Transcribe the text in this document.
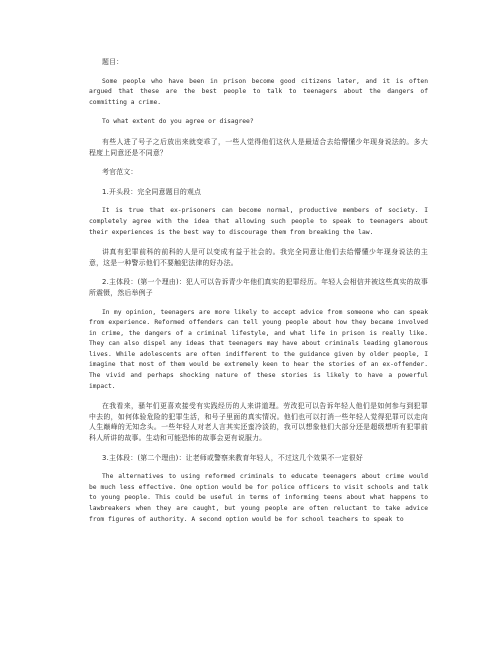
题目：

Some people who have been in prison become good citizens later, and it is often argued that these are the best people to talk to teenagers about the dangers of committing a crime.

To what extent do you agree or disagree?

有些人进了号子之后放出来就变乖了，一些人觉得他们这伙人是最适合去给懵懂少年现身说法的。多大程度上同意还是不同意？

考官范文：

1.开头段：完全同意题目的观点

It is true that ex-prisoners can become normal, productive members of society. I completely agree with the idea that allowing such people to speak to teenagers about their experiences is the best way to discourage them from breaking the law.

讲真有犯罪前科的前科的人是可以变成有益于社会的。我完全同意让他们去给懵懂少年现身说法的主意，这是一种警示他们不要触犯法律的好办法。

2.主体段：(第一个理由)：犯人可以告诉青少年他们真实的犯罪经历。年轻人会相信并被这些真实的故事所震慑，然后举例子

In my opinion, teenagers are more likely to accept advice from someone who can speak from experience. Reformed offenders can tell young people about how they became involved in crime, the dangers of a criminal lifestyle, and what life in prison is really like. They can also dispel any ideas that teenagers may have about criminals leading glamorous lives. While adolescents are often indifferent to the guidance given by older people, I imagine that most of them would be extremely keen to hear the stories of an ex-offender. The vivid and perhaps shocking nature of these stories is likely to have a powerful impact.

在我看来，骚年们更喜欢接受有实践经历的人来讲道理。劳改犯可以告诉年轻人他们是如何参与到犯罪中去的，如何体验危险的犯罪生活，和号子里面的真实情况。他们也可以打消一些年轻人觉得犯罪可以走向人生巅峰的无知念头。一些年轻人对老人言其实还蛮冷淡的，我可以想象他们大部分还是超级想听有犯罪前科人所讲的故事。生动和可能恐怖的故事会更有说服力。

3.主体段：(第二个理由)：让老师或警察来教育年轻人，不过这几个效果不一定很好

The alternatives to using reformed criminals to educate teenagers about crime would be much less effective. One option would be for police officers to visit schools and talk to young people. This could be useful in terms of informing teens about what happens to lawbreakers when they are caught, but young people are often reluctant to take advice from figures of authority. A second option would be for school teachers to speak to
